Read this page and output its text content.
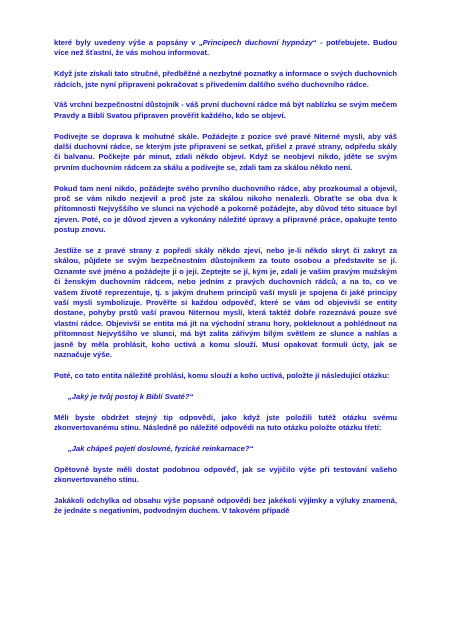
které byly uvedeny výše a popsány v „Principech duchovní hypnózy“ - potřebujete. Budou více než šťastní, že vás mohou informovat.

Když jste získali tato stručné, předběžné a nezbytné poznatky a informace o svých duchovních rádcích, jste nyní připraveni pokračovat s přivedením dalšího svého duchovního rádce.

Váš vrchní bezpečnostní důstojník - váš první duchovní rádce má být nablízku se svým mečem Pravdy a Biblí Svatou připraven prověřit každého, kdo se objeví.

Podívejte se doprava k mohutné skále. Požádejte z pozice své pravé Niterné mysli, aby váš další duchovní rádce, se kterým jste připraveni se setkat, přišel z pravé strany, odpředu skály či balvanu. Počkejte pár minut, zdali někdo objeví. Když se neobjeví nikdo, jděte se svým prvním duchovním rádcem za skálu a podívejte se, zdali tam za skálou někdo není.

Pokud tam není nikdo, požádejte svého prvního duchovního rádce, aby prozkoumal a objevil, proč se vám nikdo nezjevil a proč jste za skálou nikoho nenalezli. Obraťte se oba dva k přítomnosti Nejvyššího ve slunci na východě a pokorně požádejte, aby důvod této situace byl zjeven. Poté, co je důvod zjeven a vykonány náležité úpravy a připravné práce, opakujte tento postup znovu.

Jestliže se z pravé strany z popředí skály někdo zjeví, nebo je-li někdo skryt či zakryt za skálou, půjdete se svým bezpečnostním důstojníkem za touto osobou a představíte se jí. Oznamte své jméno a požádejte ji o její. Zeptejte se jí, kým je, zdali je vaším pravým mužským či ženským duchovním rádcem, nebo jedním z pravých duchovních rádců, a na to, co ve vašem životě reprezentuje, tj. s jakým druhem principů vaší mysli je spojena či jaké principy vaší mysli symbolizuje. Prověřte si každou odpověď, které se vám od objevivší se entity dostane, pohyby prstů vaší pravou Niternou myslí, která taktéž dobře rozeznává pouze své vlastní rádce. Objevivší se entita má jít na východní stranu hory, pokleknout a pohlédnout na přítomnost Nejvyššího ve slunci, má být zalita zářivým bílým světlem ze slunce a nahlas a jasně by měla prohlásit, koho uctívá a komu slouží. Musí opakovat formuli úcty, jak se naznačuje výše.

Poté, co tato entita náležitě prohlásí, komu slouží a koho uctívá, položte jí následující otázku:

„Jaký je tvůj postoj k Biblí Svaté?“

Měli byste obdržet stejný tip odpovědi, jako když jste položili tutéž otázku svému zkonvertovanému stínu. Následně po náležité odpovědi na tuto otázku položte otázku třetí:

„Jak chápeš pojetí doslovné, fyzické reinkarnace?“

Opětovně byste měli dostat podobnou odpověď, jak se vyjičilo výše při testování vašeho zkonvertovaného stínu.

Jakákoli odchylka od obsahu výše popsané odpovědi bez jakékoli výjimky a výluky znamená, že jednáte s negativním, podvodným duchem. V takovém případě
